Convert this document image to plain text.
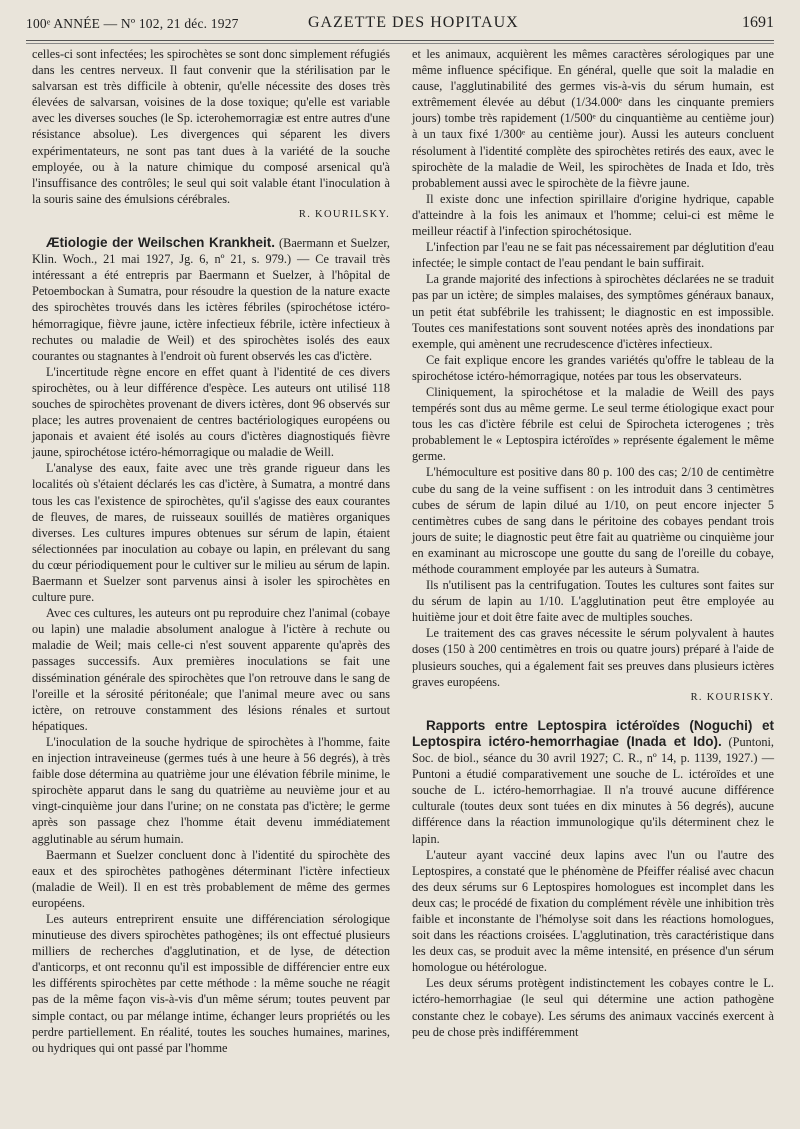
100ᵉ ANNÉE — Nº 102, 21 déc. 1927	GAZETTE DES HOPITAUX	1691

celles-ci sont infectées; les spirochètes se sont donc simplement réfugiés dans les centres nerveux. Il faut convenir que la stérilisation par le salvarsan est très difficile à obtenir, qu'elle nécessite des doses très élevées de salvarsan, voisines de la dose toxique; qu'elle est variable avec les diverses souches (le Sp. icterohemorragiæ est entre autres d'une résistance absolue). Les divergences qui séparent les divers expérimentateurs, ne sont pas tant dues à la variété de la souche employée, ou à la nature chimique du composé arsenical qu'à l'insuffisance des contrôles; le seul qui soit valable étant l'inoculation à la souris saine des émulsions cérébrales.

R. KOURILSKY.

Ætiologie der Weilschen Krankheit. (Baermann et Suelzer, Klin. Woch., 21 mai 1927, Jg. 6, nº 21, s. 979.) — Ce travail très intéressant a été entrepris par Baermann et Suelzer, à l'hôpital de Petoembockan à Sumatra, pour résoudre la question de la nature exacte des spirochètes trouvés dans les ictères fébriles (spirochétose ictéro-hémorragique, fièvre jaune, ictère infectieux fébrile, ictère infectieux à rechutes ou maladie de Weil) et des spirochètes isolés des eaux courantes ou stagnantes à l'endroit où furent observés les cas d'ictère.

L'incertitude règne encore en effet quant à l'identité de ces divers spirochètes, ou à leur différence d'espèce. Les auteurs ont utilisé 118 souches de spirochètes provenant de divers ictères, dont 96 observés sur place; les autres provenaient de centres bactériologiques européens ou japonais et avaient été isolés au cours d'ictères diagnostiqués fièvre jaune, spirochétose ictéro-hémorragique ou maladie de Weill.

L'analyse des eaux, faite avec une très grande rigueur dans les localités où s'étaient déclarés les cas d'ictère, à Sumatra, a montré dans tous les cas l'existence de spirochètes, qu'il s'agisse des eaux courantes de fleuves, de mares, de ruisseaux souillés de matières organiques diverses. Les cultures impures obtenues sur sérum de lapin, étaient sélectionnées par inoculation au cobaye ou lapin, en prélevant du sang du cœur périodiquement pour le cultiver sur le milieu au sérum de lapin. Baermann et Suelzer sont parvenus ainsi à isoler les spirochètes en culture pure.

Avec ces cultures, les auteurs ont pu reproduire chez l'animal (cobaye ou lapin) une maladie absolument analogue à l'ictère à rechute ou maladie de Weil; mais celle-ci n'est souvent apparente qu'après des passages successifs. Aux premières inoculations se fait une dissémination générale des spirochètes que l'on retrouve dans le sang de l'oreille et la sérosité péritonéale; que l'animal meure avec ou sans ictère, on retrouve constamment des lésions rénales et surtout hépatiques.

L'inoculation de la souche hydrique de spirochètes à l'homme, faite en injection intraveineuse (germes tués à une heure à 56 degrés), à très faible dose détermina au quatrième jour une élévation fébrile minime, le spirochète apparut dans le sang du quatrième au neuvième jour et au vingt-cinquième jour dans l'urine; on ne constata pas d'ictère; le germe après son passage chez l'homme était devenu immédiatement agglutinable au sérum humain.

Baermann et Suelzer concluent donc à l'identité du spirochète des eaux et des spirochètes pathogènes déterminant l'ictère infectieux (maladie de Weil). Il en est très probablement de même des germes européens.

Les auteurs entreprirent ensuite une différenciation sérologique minutieuse des divers spirochètes pathogènes; ils ont effectué plusieurs milliers de recherches d'agglutination, et de lyse, de détection d'anticorps, et ont reconnu qu'il est impossible de différencier entre eux les différents spirochètes par cette méthode : la même souche ne réagit pas de la même façon vis-à-vis d'un même sérum; toutes peuvent par simple contact, ou par mélange intime, échanger leurs propriétés ou les perdre partiellement. En réalité, toutes les souches humaines, marines, ou hydriques qui ont passé par l'homme

et les animaux, acquièrent les mêmes caractères sérologiques par une même influence spécifique. En général, quelle que soit la maladie en cause, l'agglutinabilité des germes vis-à-vis du sérum humain, est extrêmement élevée au début (1/34.000ᵉ dans les cinquante premiers jours) tombe très rapidement (1/500ᵉ du cinquantième au centième jour) à un taux fixé 1/300ᵉ au centième jour). Aussi les auteurs concluent résolument à l'identité complète des spirochètes retirés des eaux, avec le spirochète de la maladie de Weil, les spirochètes de Inada et Ido, très probablement aussi avec le spirochète de la fièvre jaune.

Il existe donc une infection spirillaire d'origine hydrique, capable d'atteindre à la fois les animaux et l'homme; celui-ci est même le meilleur réactif à l'infection spirochétosique.

L'infection par l'eau ne se fait pas nécessairement par déglutition d'eau infectée; le simple contact de l'eau pendant le bain suffirait.

La grande majorité des infections à spirochètes déclarées ne se traduit pas par un ictère; de simples malaises, des symptômes généraux banaux, un petit état subfébrile les trahissent; le diagnostic en est impossible. Toutes ces manifestations sont souvent notées après des inondations par exemple, qui amènent une recrudescence d'ictères infectieux.

Ce fait explique encore les grandes variétés qu'offre le tableau de la spirochétose ictéro-hémorragique, notées par tous les observateurs.

Cliniquement, la spirochétose et la maladie de Weill des pays tempérés sont dus au même germe. Le seul terme étiologique exact pour tous les cas d'ictère fébrile est celui de Spirocheta icterogenes ; très probablement le « Leptospira ictéroïdes » représente également le même germe.

L'hémoculture est positive dans 80 p. 100 des cas; 2/10 de centimètre cube du sang de la veine suffisent : on les introduit dans 3 centimètres cubes de sérum de lapin dilué au 1/10, on peut encore injecter 5 centimètres cubes de sang dans le péritoine des cobayes pendant trois jours de suite; le diagnostic peut être fait au quatrième ou cinquième jour en examinant au microscope une goutte du sang de l'oreille du cobaye, méthode couramment employée par les auteurs à Sumatra.

Ils n'utilisent pas la centrifugation. Toutes les cultures sont faites sur du sérum de lapin au 1/10. L'agglutination peut être employée au huitième jour et doit être faite avec de multiples souches.

Le traitement des cas graves nécessite le sérum polyvalent à hautes doses (150 à 200 centimètres en trois ou quatre jours) préparé à l'aide de plusieurs souches, qui a également fait ses preuves dans plusieurs ictères graves européens.

R. KOURISKY.

Rapports entre Leptospira ictéroïdes (Noguchi) et Leptospira ictéro-hemorrhagiae (Inada et Ido). (Puntoni, Soc. de biol., séance du 30 avril 1927; C. R., nº 14, p. 1139, 1927.) — Puntoni a étudié comparativement une souche de L. ictéroïdes et une souche de L. ictéro-hemorrhagiae. Il n'a trouvé aucune différence culturale (toutes deux sont tuées en dix minutes à 56 degrés), aucune différence dans la réaction immunologique qu'ils déterminent chez le lapin.

L'auteur ayant vacciné deux lapins avec l'un ou l'autre des Leptospires, a constaté que le phénomène de Pfeiffer réalisé avec chacun des deux sérums sur 6 Leptospires homologues est incomplet dans les deux cas; le procédé de fixation du complément révèle une inhibition très faible et inconstante de l'hémolyse soit dans les réactions homologues, soit dans les réactions croisées. L'agglutination, très caractéristique dans les deux cas, se produit avec la même intensité, en présence d'un sérum homologue ou hétérologue.

Les deux sérums protègent indistinctement les cobayes contre le L. ictéro-hemorrhagiae (le seul qui détermine une action pathogène constante chez le cobaye). Les sérums des animaux vaccinés exercent à peu de chose près indifféremment
